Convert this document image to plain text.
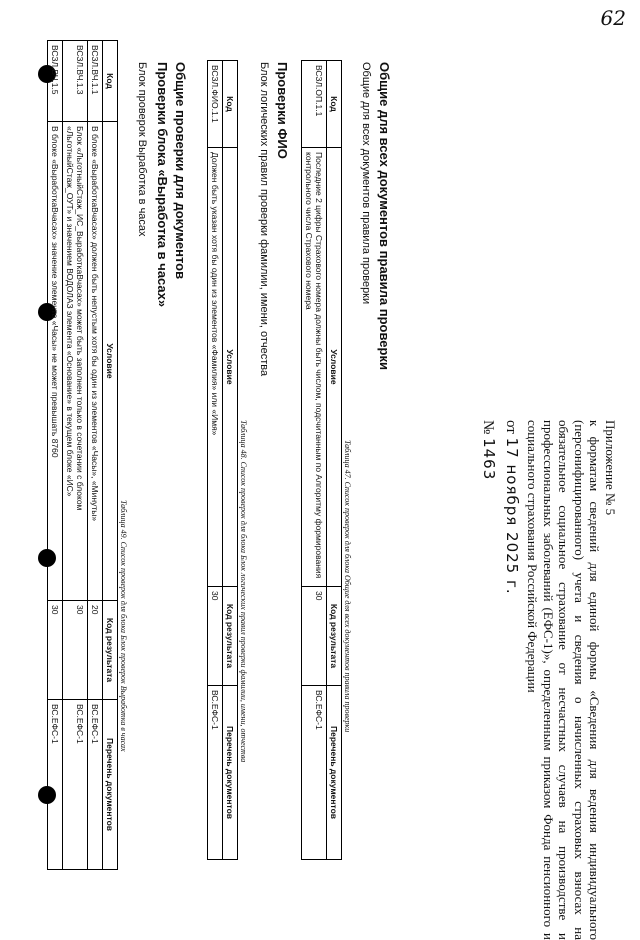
62
Приложение № 5
к форматам сведений для единой формы «Сведения для ведения индивидуального (персонифицированного) учета и сведения о начисленных страховых взносах на обязательное социальное страхование от несчастных случаев на производстве и профессиональных заболеваний (ЕФС-1)», определенным приказом Фонда пенсионного и социального страхования Российской Федерации
от 17 ноября 2025 г.
№ 1463
Общие для всех документов правила проверки
Общие для всех документов правила проверки
Таблица 47. Список проверок для блока Общие для всех документов правила проверки
Код	Условие	Код результата	Перечень документов
ВСЗЛ.ОП.1.1	Последние 2 цифры Страхового номера должны быть числом, подсчитанным по Алгоритму формирования контрольного числа Страхового номера	30	ВС.ЕФС-1
Проверки ФИО
Блок логических правил проверки фамилии, имени, отчества
Таблица 48. Список проверок для блока Блок логических правил проверки фамилии, имени, отчества
Код	Условие	Код результата	Перечень документов
ВСЗЛ.ФИО.1.1	Должен быть указан хотя бы один из элементов «Фамилия» или «Имя»	30	ВС.ЕФС-1
Общие проверки для документов
Проверки блока «Выработка в часах»
Блок проверок Выработка в часах
Таблица 49. Список проверок для блока Блок проверок Выработка в часах
Код	Условие	Код результата	Перечень документов
ВСЗЛ.ВЧ.1.1	В блоке «ВыработкаВчасах» должен быть непустым хотя бы один из элементов «Часы», «Минуты»	20	ВС.ЕФС-1
ВСЗЛ.ВЧ.1.3	Блок «ЛьготныйСтаж_ИС_ВыработкаВчасах» может быть заполнен только в сочетании с блоком «ЛьготныйСтаж_ОУТ» и значением ВОДОЛАЗ элемента «Основание» в текущем блоке «ИС»	30	ВС.ЕФС-1
ВСЗЛ.ВЧ.1.5	В блоке «ВыработкаВчасах» значение элемента «Часы» не может превышать 8760	30	ВС.ЕФС-1
